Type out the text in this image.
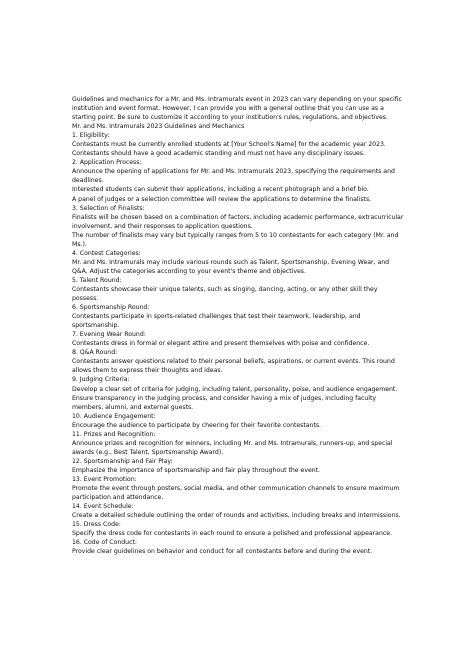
Guidelines and mechanics for a Mr. and Ms. Intramurals event in 2023 can vary depending on your specific institution and event format. However, I can provide you with a general outline that you can use as a starting point. Be sure to customize it according to your institution's rules, regulations, and objectives.
Mr. and Ms. Intramurals 2023 Guidelines and Mechanics
1. Eligibility:
Contestants must be currently enrolled students at [Your School's Name] for the academic year 2023.
Contestants should have a good academic standing and must not have any disciplinary issues.
2. Application Process:
Announce the opening of applications for Mr. and Ms. Intramurals 2023, specifying the requirements and deadlines.
Interested students can submit their applications, including a recent photograph and a brief bio.
A panel of judges or a selection committee will review the applications to determine the finalists.
3. Selection of Finalists:
Finalists will be chosen based on a combination of factors, including academic performance, extracurricular involvement, and their responses to application questions.
The number of finalists may vary but typically ranges from 5 to 10 contestants for each category (Mr. and Ms.).
4. Contest Categories:
Mr. and Ms. Intramurals may include various rounds such as Talent, Sportsmanship, Evening Wear, and Q&A. Adjust the categories according to your event's theme and objectives.
5. Talent Round:
Contestants showcase their unique talents, such as singing, dancing, acting, or any other skill they possess.
6. Sportsmanship Round:
Contestants participate in sports-related challenges that test their teamwork, leadership, and sportsmanship.
7. Evening Wear Round:
Contestants dress in formal or elegant attire and present themselves with poise and confidence.
8. Q&A Round:
Contestants answer questions related to their personal beliefs, aspirations, or current events. This round allows them to express their thoughts and ideas.
9. Judging Criteria:
Develop a clear set of criteria for judging, including talent, personality, poise, and audience engagement.
Ensure transparency in the judging process, and consider having a mix of judges, including faculty members, alumni, and external guests.
10. Audience Engagement:
Encourage the audience to participate by cheering for their favorite contestants.
11. Prizes and Recognition:
Announce prizes and recognition for winners, including Mr. and Ms. Intramurals, runners-up, and special awards (e.g., Best Talent, Sportsmanship Award).
12. Sportsmanship and Fair Play:
Emphasize the importance of sportsmanship and fair play throughout the event.
13. Event Promotion:
Promote the event through posters, social media, and other communication channels to ensure maximum participation and attendance.
14. Event Schedule:
Create a detailed schedule outlining the order of rounds and activities, including breaks and intermissions.
15. Dress Code:
Specify the dress code for contestants in each round to ensure a polished and professional appearance.
16. Code of Conduct:
Provide clear guidelines on behavior and conduct for all contestants before and during the event.
